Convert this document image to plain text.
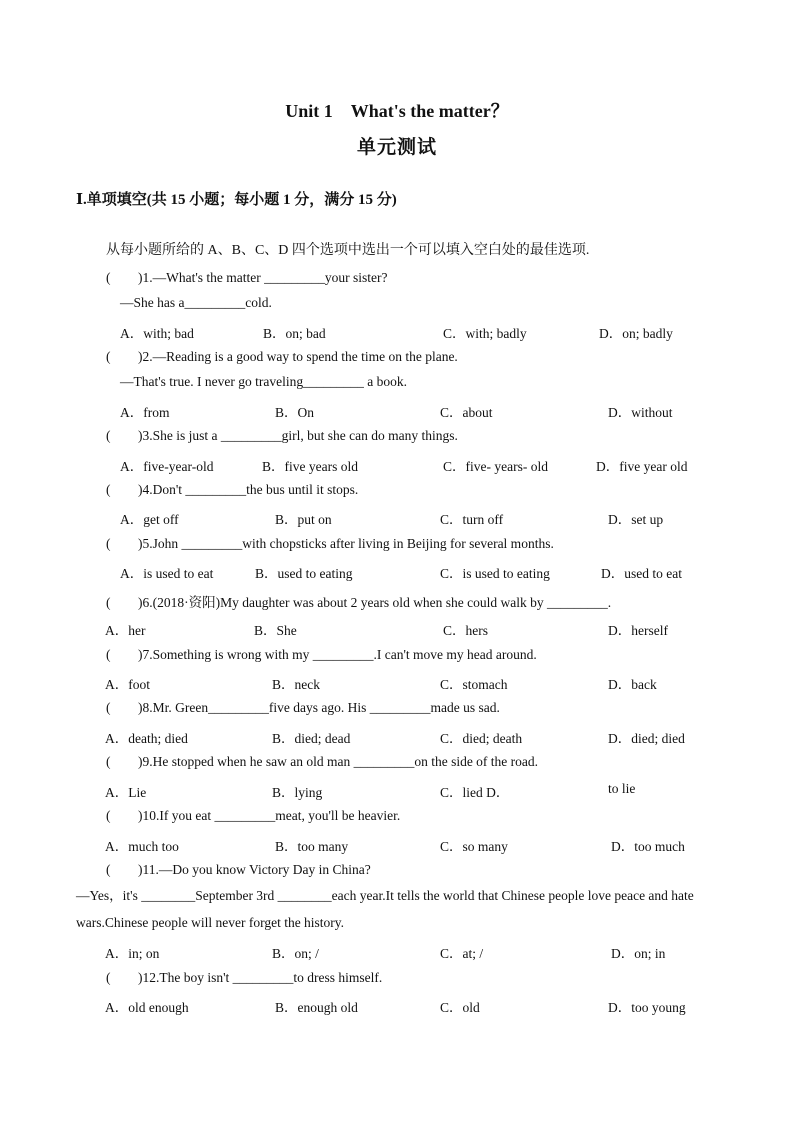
Unit 1　What's the matter？
单元测试
Ⅰ.单项填空(共 15 小题；每小题 1 分，满分 15 分)
从每小题所给的 A、B、C、D 四个选项中选出一个可以填入空白处的最佳选项.
( )1.—What's the matter _________your sister?
—She has a_________cold.
A．with; bad	B．on; bad	C．with; badly	D．on; badly
( )2.—Reading is a good way to spend the time on the plane.
—That's true. I never go traveling_________ a book.
A．from	B．On	C．about	D．without
( )3.She is just a _________girl, but she can do many things.
A．five-year-old	B．five years old	C．five- years- old	D．five year old
( )4.Don't _________the bus until it stops.
A．get off	B．put on	C．turn off	D．set up
( )5.John _________with chopsticks after living in Beijing for several months.
A．is used to eat	B．used to eating	C．is used to eating	D．used to eat
( )6.(2018·资阳)My daughter was about 2 years old when she could walk by _________.
A．her	B．She	C．hers	D．herself
( )7.Something is wrong with my _________.I can't move my head around.
A．foot	B．neck	C．stomach	D．back
( )8.Mr. Green_________five days ago. His _________made us sad.
A．death; died	B．died; dead	C．died; death	D．died; died
( )9.He stopped when he saw an old man _________on the side of the road.
A．Lie	B．lying	C．lied D．	to lie
( )10.If you eat _________meat, you'll be heavier.
A．much too	B．too many	C．so many	D．too much
( )11.—Do you know Victory Day in China?
—Yes，it's ________September 3rd ________each year.It tells the world that Chinese people love peace and hate wars.Chinese people will never forget the history.
A．in; on	B．on; /	C．at; /	D．on; in
( )12.The boy isn't _________to dress himself.
A．old enough	B．enough old	C．old	D．too young
